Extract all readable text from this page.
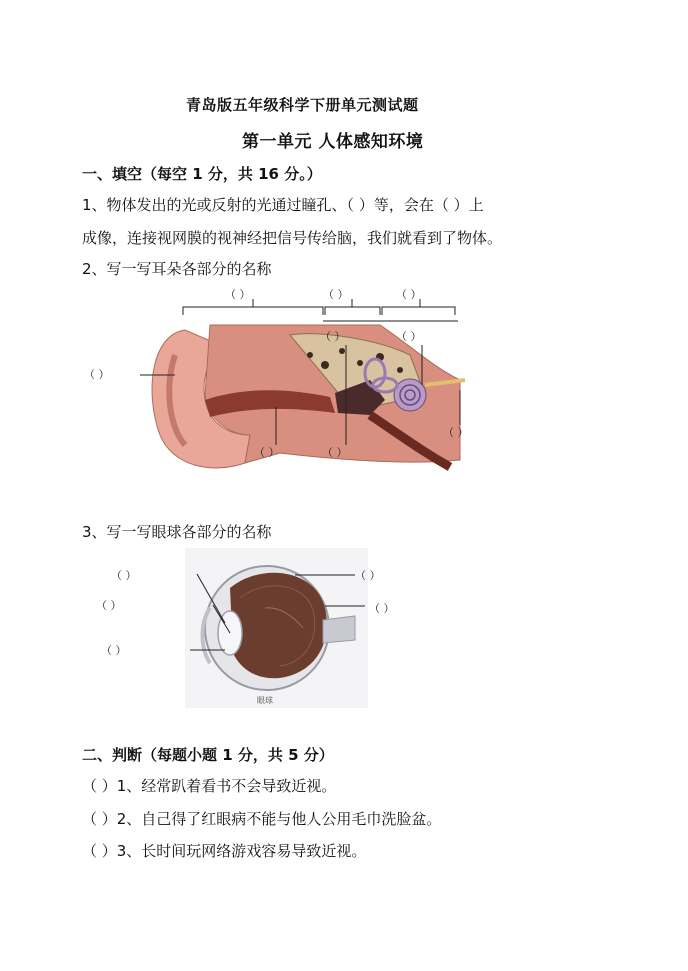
青岛版五年级科学下册单元测试题
第一单元 人体感知环境
一、填空（每空 1 分，共 16 分。）
1、物体发出的光或反射的光通过瞳孔、（ ）等，会在（ ）上
成像，连接视网膜的视神经把信号传给脑，我们就看到了物体。
2、写一写耳朵各部分的名称
（ ）	（ ）	（ ）
（ ）	（ ）
（ ）
（ ）	（ ）
（ ）
3、写一写眼球各部分的名称
眼球
（ ）
（ ）
（ ）
（ ）
（ ）
二、判断（每题小题 1 分，共 5 分）
（ ）1、经常趴着看书不会导致近视。
（ ）2、自己得了红眼病不能与他人公用毛巾洗脸盆。
（ ）3、长时间玩网络游戏容易导致近视。
